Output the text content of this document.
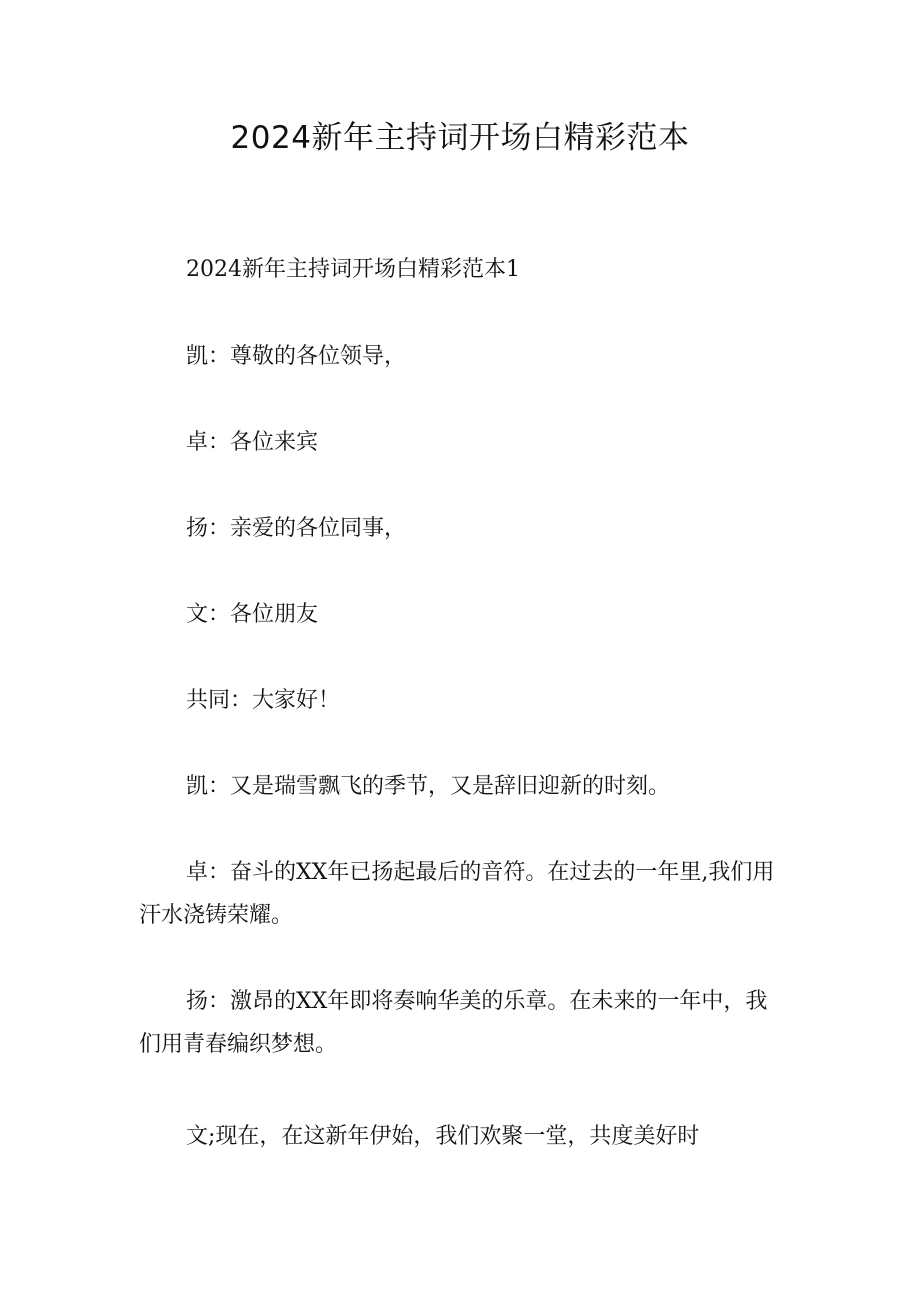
2024新年主持词开场白精彩范本

2024新年主持词开场白精彩范本1

凯：尊敬的各位领导，

卓：各位来宾

扬：亲爱的各位同事，

文：各位朋友

共同：大家好！

凯：又是瑞雪飘飞的季节，又是辞旧迎新的时刻。

卓：奋斗的XX年已扬起最后的音符。在过去的一年里,我们用汗水浇铸荣耀。

扬：激昂的XX年即将奏响华美的乐章。在未来的一年中，我们用青春编织梦想。

文;现在，在这新年伊始，我们欢聚一堂，共度美好时
